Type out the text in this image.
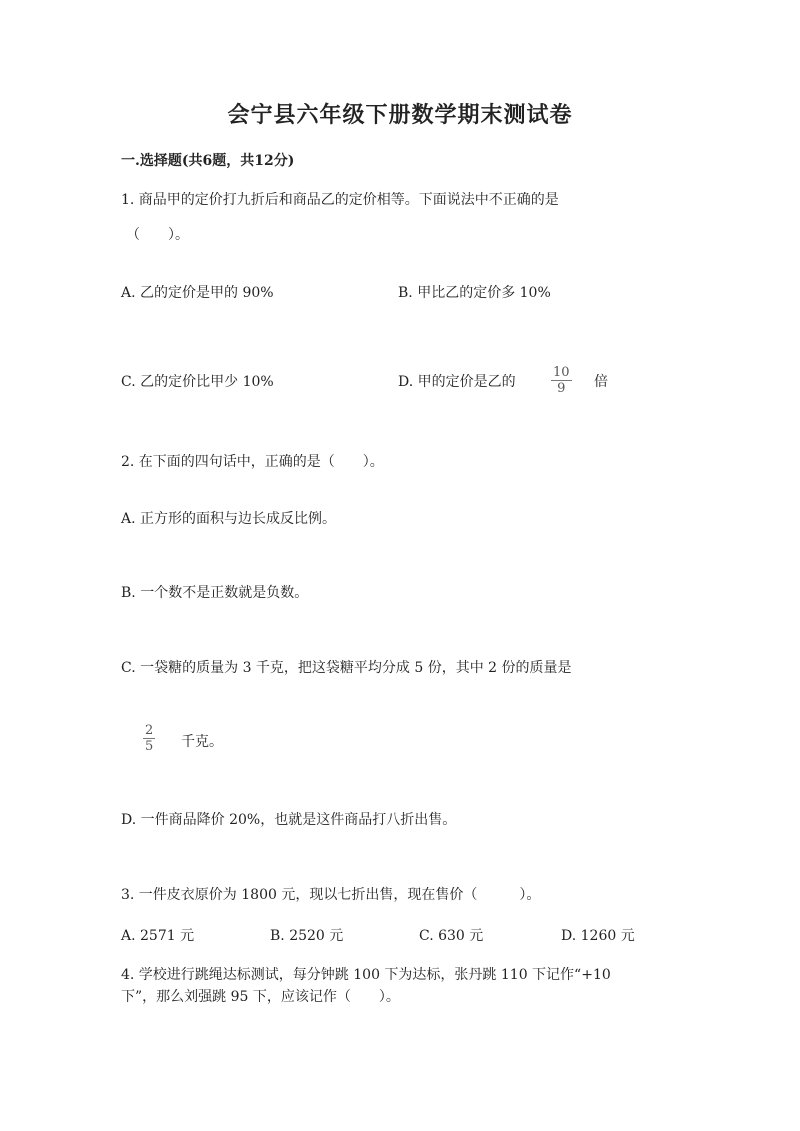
会宁县六年级下册数学期末测试卷
一.选择题(共6题，共12分)
1. 商品甲的定价打九折后和商品乙的定价相等。下面说法中不正确的是
（　　）。
A. 乙的定价是甲的 90%	B. 甲比乙的定价多 10%
C. 乙的定价比甲少 10%	D. 甲的定价是乙的	$\frac{10}{9}$ 倍
2. 在下面的四句话中，正确的是（　　）。
A. 正方形的面积与边长成反比例。
B. 一个数不是正数就是负数。
C. 一袋糖的质量为 3 千克，把这袋糖平均分成 5 份，其中 2 份的质量是
$\frac{2}{5}$ 千克。
D. 一件商品降价 20%，也就是这件商品打八折出售。
3. 一件皮衣原价为 1800 元，现以七折出售，现在售价（　　　）。
A. 2571 元	B. 2520 元	C. 630 元	D. 1260 元
4. 学校进行跳绳达标测试，每分钟跳 100 下为达标，张丹跳 110 下记作“+10
下”，那么刘强跳 95 下，应该记作（　　）。
